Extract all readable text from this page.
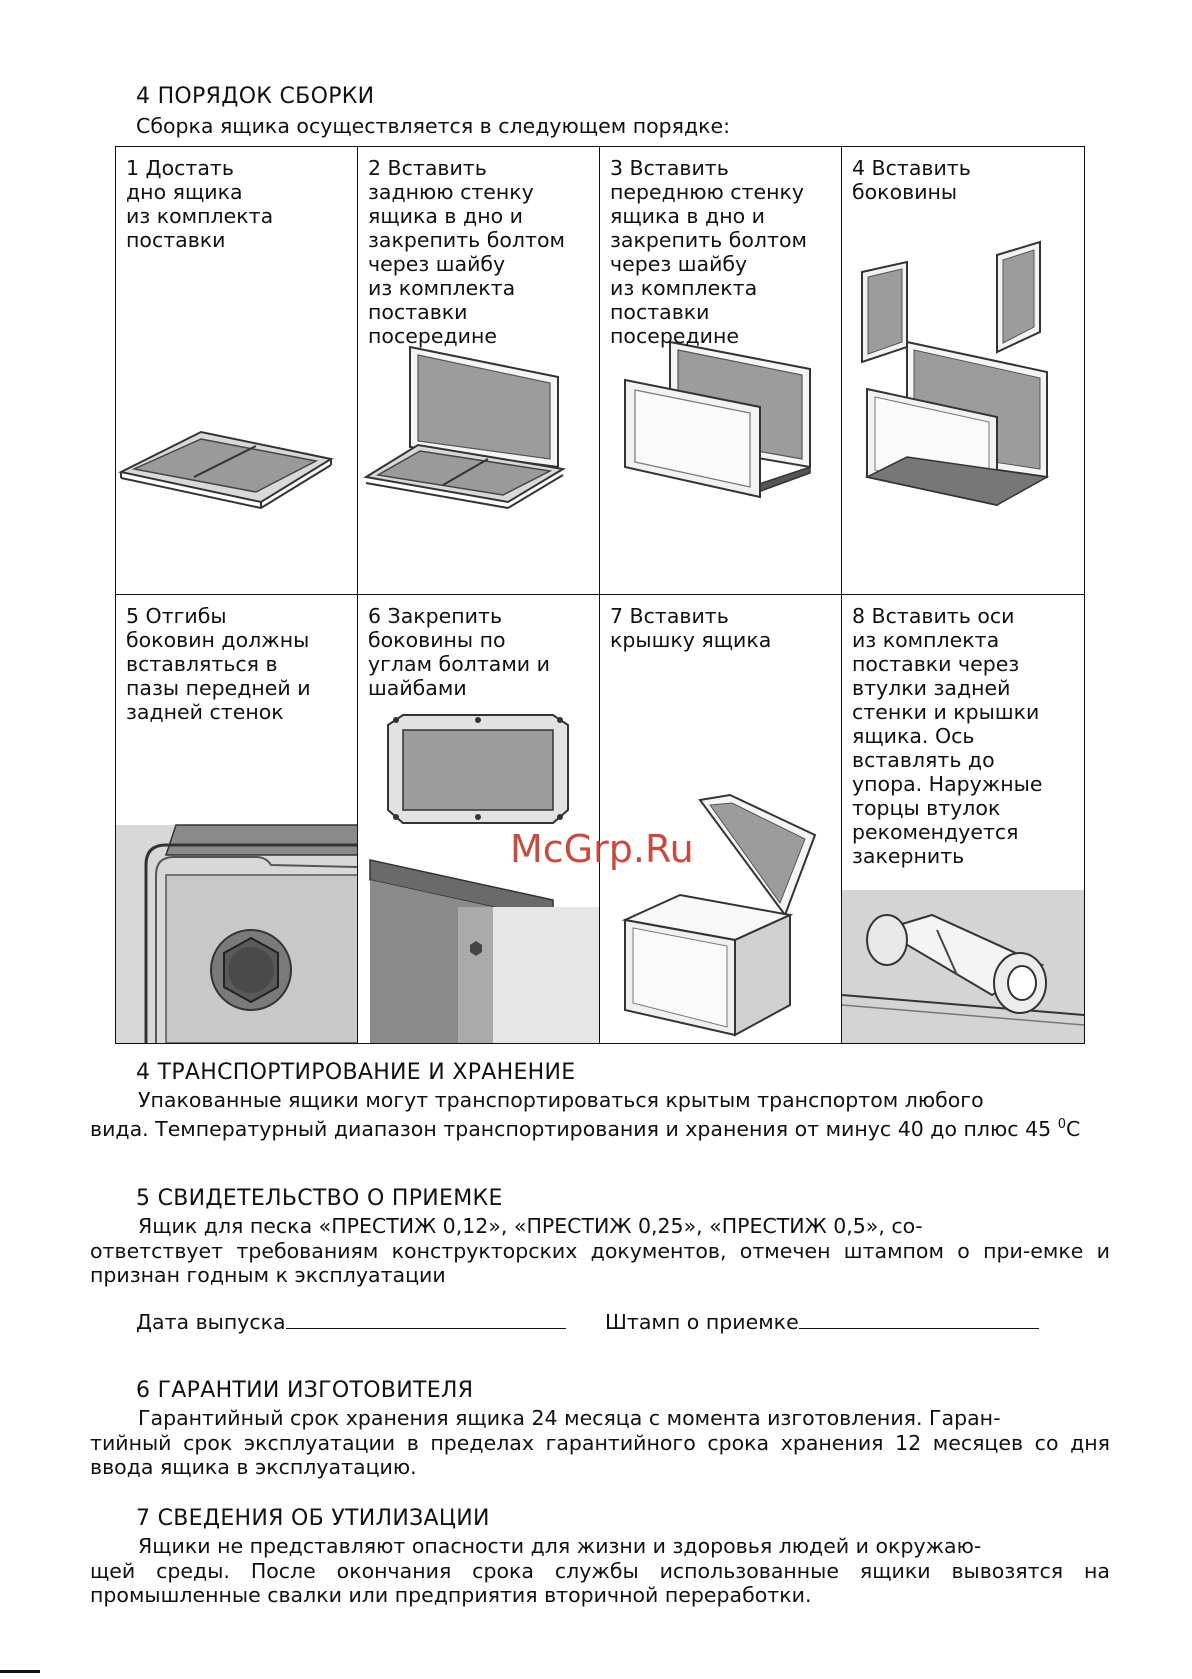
4 ПОРЯДОК СБОРКИ
Сборка ящика осуществляется в следующем порядке:
1 Достать
дно ящика
из комплекта
поставки
2 Вставить
заднюю стенку
ящика в дно и
закрепить болтом
через шайбу
из комплекта
поставки
посередине
3 Вставить
переднюю стенку
ящика в дно и
закрепить болтом
через шайбу
из комплекта
поставки
посередине
4 Вставить
боковины
5 Отгибы
боковин должны
вставляться в
пазы передней и
задней стенок
6 Закрепить
боковины по
углам болтами и
шайбами
7 Вставить
крышку ящика
8 Вставить оси
из комплекта
поставки через
втулки задней
стенки и крышки
ящика. Ось
вставлять до
упора. Наружные
торцы втулок
рекомендуется
закернить
McGrp.Ru
4 ТРАНСПОРТИРОВАНИЕ И ХРАНЕНИЕ

Упакованные ящики могут транспортироваться крытым транспортом любого
вида. Температурный диапазон транспортирования и хранения от минус 40 до плюс 45 $^0$С

5 СВИДЕТЕЛЬСТВО О ПРИЕМКЕ

Ящик для песка «ПРЕСТИЖ 0,12», «ПРЕСТИЖ 0,25», «ПРЕСТИЖ 0,5», со-
ответствует требованиям конструкторских документов, отмечен штампом о при-емке и признан годным к эксплуатации

Дата выпуска	Штамп о приемке
6 ГАРАНТИИ ИЗГОТОВИТЕЛЯ

Гарантийный срок хранения ящика 24 месяца с момента изготовления. Гаран-
тийный срок эксплуатации в пределах гарантийного срока хранения 12 месяцев со дня ввода ящика в эксплуатацию.

7 СВЕДЕНИЯ ОБ УТИЛИЗАЦИИ

Ящики не представляют опасности для жизни и здоровья людей и окружаю-
щей среды. После окончания срока службы использованные ящики вывозятся на промышленные свалки или предприятия вторичной переработки.
